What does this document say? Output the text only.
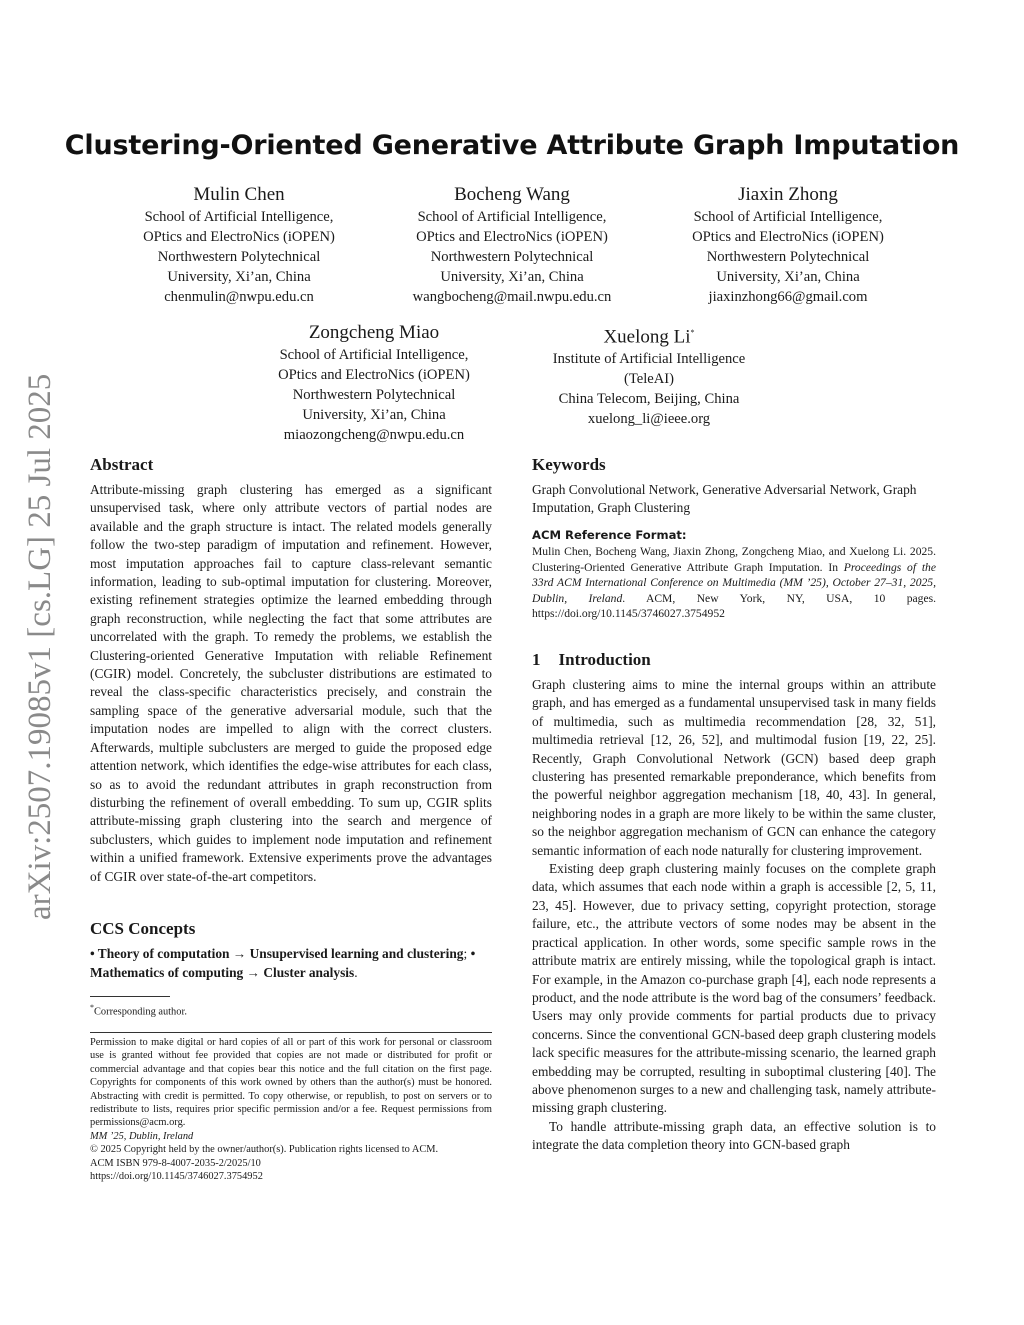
arXiv:2507.19085v1 [cs.LG] 25 Jul 2025
Clustering-Oriented Generative Attribute Graph Imputation
Mulin Chen
School of Artificial Intelligence,
OPtics and ElectroNics (iOPEN)
Northwestern Polytechnical
University, Xi’an, China
chenmulin@nwpu.edu.cn
Bocheng Wang
School of Artificial Intelligence,
OPtics and ElectroNics (iOPEN)
Northwestern Polytechnical
University, Xi’an, China
wangbocheng@mail.nwpu.edu.cn
Jiaxin Zhong
School of Artificial Intelligence,
OPtics and ElectroNics (iOPEN)
Northwestern Polytechnical
University, Xi’an, China
jiaxinzhong66@gmail.com
Zongcheng Miao
School of Artificial Intelligence,
OPtics and ElectroNics (iOPEN)
Northwestern Polytechnical
University, Xi’an, China
miaozongcheng@nwpu.edu.cn
Xuelong Li*
Institute of Artificial Intelligence
(TeleAI)
China Telecom, Beijing, China
xuelong_li@ieee.org
Abstract
Attribute-missing graph clustering has emerged as a significant unsupervised task, where only attribute vectors of partial nodes are available and the graph structure is intact. The related models generally follow the two-step paradigm of imputation and refinement. However, most imputation approaches fail to capture class-relevant semantic information, leading to sub-optimal imputation for clustering. Moreover, existing refinement strategies optimize the learned embedding through graph reconstruction, while neglecting the fact that some attributes are uncorrelated with the graph. To remedy the problems, we establish the Clustering-oriented Generative Imputation with reliable Refinement (CGIR) model. Concretely, the subcluster distributions are estimated to reveal the class-specific characteristics precisely, and constrain the sampling space of the generative adversarial module, such that the imputation nodes are impelled to align with the correct clusters. Afterwards, multiple subclusters are merged to guide the proposed edge attention network, which identifies the edge-wise attributes for each class, so as to avoid the redundant attributes in graph reconstruction from disturbing the refinement of overall embedding. To sum up, CGIR splits attribute-missing graph clustering into the search and mergence of subclusters, which guides to implement node imputation and refinement within a unified framework. Extensive experiments prove the advantages of CGIR over state-of-the-art competitors.
CCS Concepts
• Theory of computation → Unsupervised learning and clustering; • Mathematics of computing → Cluster analysis.
*Corresponding author.
Permission to make digital or hard copies of all or part of this work for personal or classroom use is granted without fee provided that copies are not made or distributed for profit or commercial advantage and that copies bear this notice and the full citation on the first page. Copyrights for components of this work owned by others than the author(s) must be honored. Abstracting with credit is permitted. To copy otherwise, or republish, to post on servers or to redistribute to lists, requires prior specific permission and/or a fee. Request permissions from permissions@acm.org.
MM ’25, Dublin, Ireland
© 2025 Copyright held by the owner/author(s). Publication rights licensed to ACM.
ACM ISBN 979-8-4007-2035-2/2025/10
https://doi.org/10.1145/3746027.3754952
Keywords
Graph Convolutional Network, Generative Adversarial Network, Graph Imputation, Graph Clustering
ACM Reference Format:
Mulin Chen, Bocheng Wang, Jiaxin Zhong, Zongcheng Miao, and Xuelong Li. 2025. Clustering-Oriented Generative Attribute Graph Imputation. In Proceedings of the 33rd ACM International Conference on Multimedia (MM ’25), October 27–31, 2025, Dublin, Ireland. ACM, New York, NY, USA, 10 pages. https://doi.org/10.1145/3746027.3754952
1 Introduction
Graph clustering aims to mine the internal groups within an attribute graph, and has emerged as a fundamental unsupervised task in many fields of multimedia, such as multimedia recommendation [28, 32, 51], multimedia retrieval [12, 26, 52], and multimodal fusion [19, 22, 25]. Recently, Graph Convolutional Network (GCN) based deep graph clustering has presented remarkable preponderance, which benefits from the powerful neighbor aggregation mechanism [18, 40, 43]. In general, neighboring nodes in a graph are more likely to be within the same cluster, so the neighbor aggregation mechanism of GCN can enhance the category semantic information of each node naturally for clustering improvement.
Existing deep graph clustering mainly focuses on the complete graph data, which assumes that each node within a graph is accessible [2, 5, 11, 23, 45]. However, due to privacy setting, copyright protection, storage failure, etc., the attribute vectors of some nodes may be absent in the practical application. In other words, some specific sample rows in the attribute matrix are entirely missing, while the topological graph is intact. For example, in the Amazon co-purchase graph [4], each node represents a product, and the node attribute is the word bag of the consumers’ feedback. Users may only provide comments for partial products due to privacy concerns. Since the conventional GCN-based deep graph clustering models lack specific measures for the attribute-missing scenario, the learned graph embedding may be corrupted, resulting in suboptimal clustering [40]. The above phenomenon surges to a new and challenging task, namely attribute-missing graph clustering.
To handle attribute-missing graph data, an effective solution is to integrate the data completion theory into GCN-based graph
